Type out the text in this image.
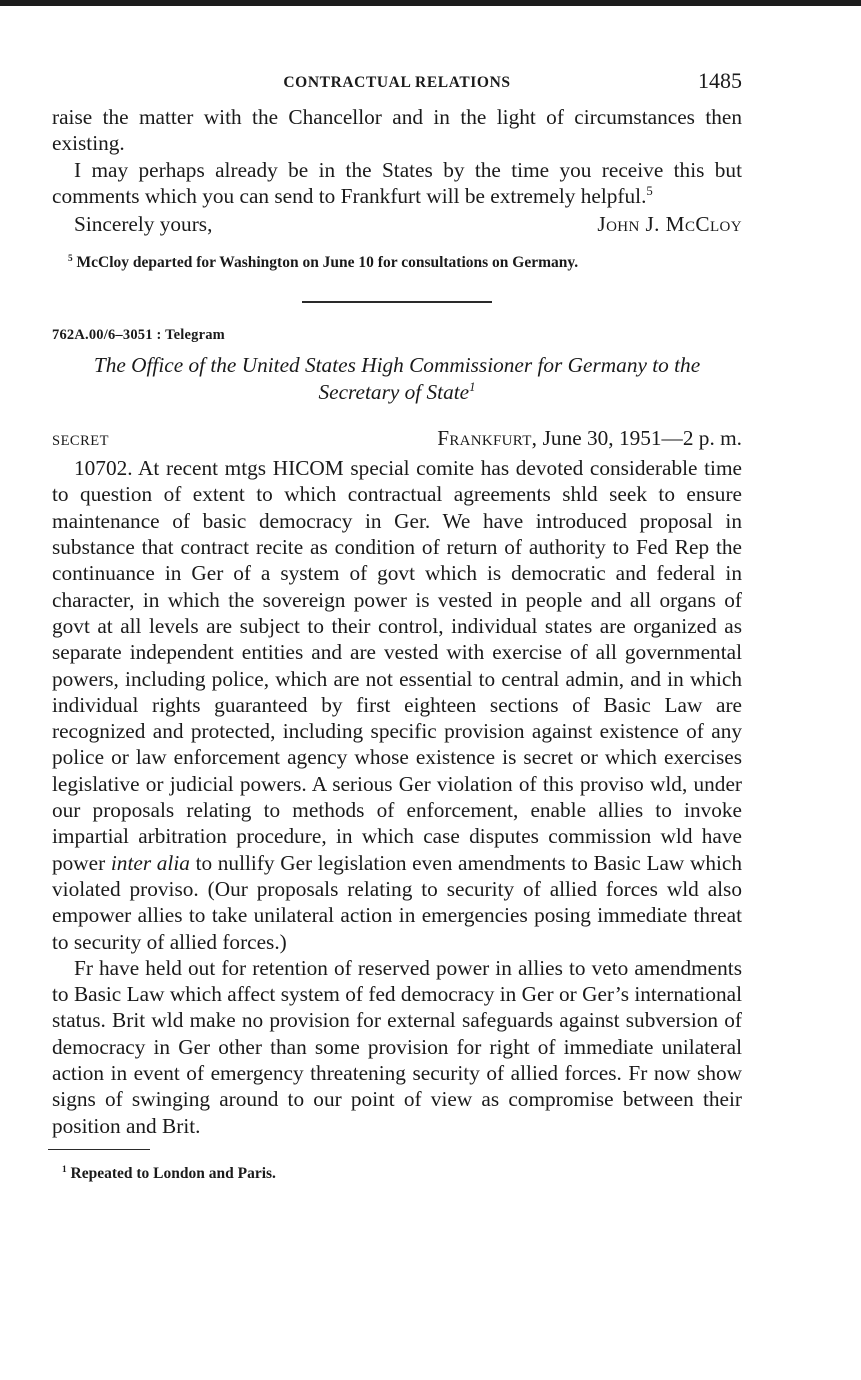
CONTRACTUAL RELATIONS	1485

raise the matter with the Chancellor and in the light of circumstances then existing.

I may perhaps already be in the States by the time you receive this but comments which you can send to Frankfurt will be extremely helpful.$^5$

Sincerely yours,	John J. McCloy
$^5$ McCloy departed for Washington on June 10 for consultations on Germany.
762A.00/6–3051 : Telegram
The Office of the United States High Commissioner for Germany to the Secretary of State$^1$
SECRET	Frankfurt, June 30, 1951—2 p. m.

10702. At recent mtgs HICOM special comite has devoted considerable time to question of extent to which contractual agreements shld seek to ensure maintenance of basic democracy in Ger. We have introduced proposal in substance that contract recite as condition of return of authority to Fed Rep the continuance in Ger of a system of govt which is democratic and federal in character, in which the sovereign power is vested in people and all organs of govt at all levels are subject to their control, individual states are organized as separate independent entities and are vested with exercise of all governmental powers, including police, which are not essential to central admin, and in which individual rights guaranteed by first eighteen sections of Basic Law are recognized and protected, including specific provision against existence of any police or law enforcement agency whose existence is secret or which exercises legislative or judicial powers. A serious Ger violation of this proviso wld, under our proposals relating to methods of enforcement, enable allies to invoke impartial arbitration procedure, in which case disputes commission wld have power inter alia to nullify Ger legislation even amendments to Basic Law which violated proviso. (Our proposals relating to security of allied forces wld also empower allies to take unilateral action in emergencies posing immediate threat to security of allied forces.)

Fr have held out for retention of reserved power in allies to veto amendments to Basic Law which affect system of fed democracy in Ger or Ger’s international status. Brit wld make no provision for external safeguards against subversion of democracy in Ger other than some provision for right of immediate unilateral action in event of emergency threatening security of allied forces. Fr now show signs of swinging around to our point of view as compromise between their position and Brit.

$^1$ Repeated to London and Paris.
